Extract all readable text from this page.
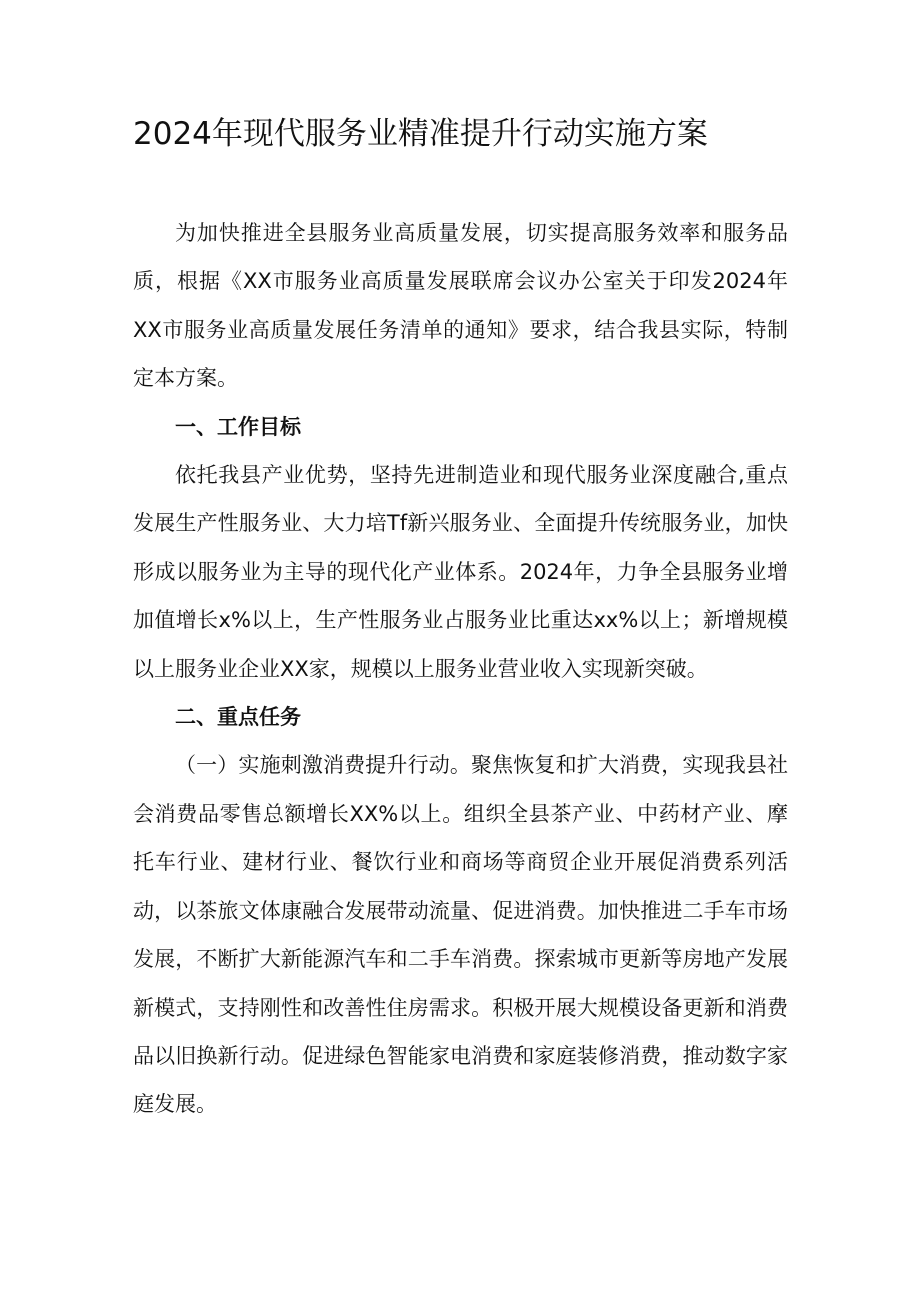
2024年现代服务业精准提升行动实施方案

为加快推进全县服务业高质量发展，切实提高服务效率和服务品质，根据《XX市服务业高质量发展联席会议办公室关于印发2024年XX市服务业高质量发展任务清单的通知》要求，结合我县实际，特制定本方案。

一、工作目标

依托我县产业优势，坚持先进制造业和现代服务业深度融合,重点发展生产性服务业、大力培Tf新兴服务业、全面提升传统服务业，加快形成以服务业为主导的现代化产业体系。2024年，力争全县服务业增加值增长x%以上，生产性服务业占服务业比重达xx%以上；新增规模以上服务业企业XX家，规模以上服务业营业收入实现新突破。

二、重点任务

（一）实施刺激消费提升行动。聚焦恢复和扩大消费，实现我县社会消费品零售总额增长XX%以上。组织全县茶产业、中药材产业、摩托车行业、建材行业、餐饮行业和商场等商贸企业开展促消费系列活动，以茶旅文体康融合发展带动流量、促进消费。加快推进二手车市场发展，不断扩大新能源汽车和二手车消费。探索城市更新等房地产发展新模式，支持刚性和改善性住房需求。积极开展大规模设备更新和消费品以旧换新行动。促进绿色智能家电消费和家庭装修消费，推动数字家庭发展。
